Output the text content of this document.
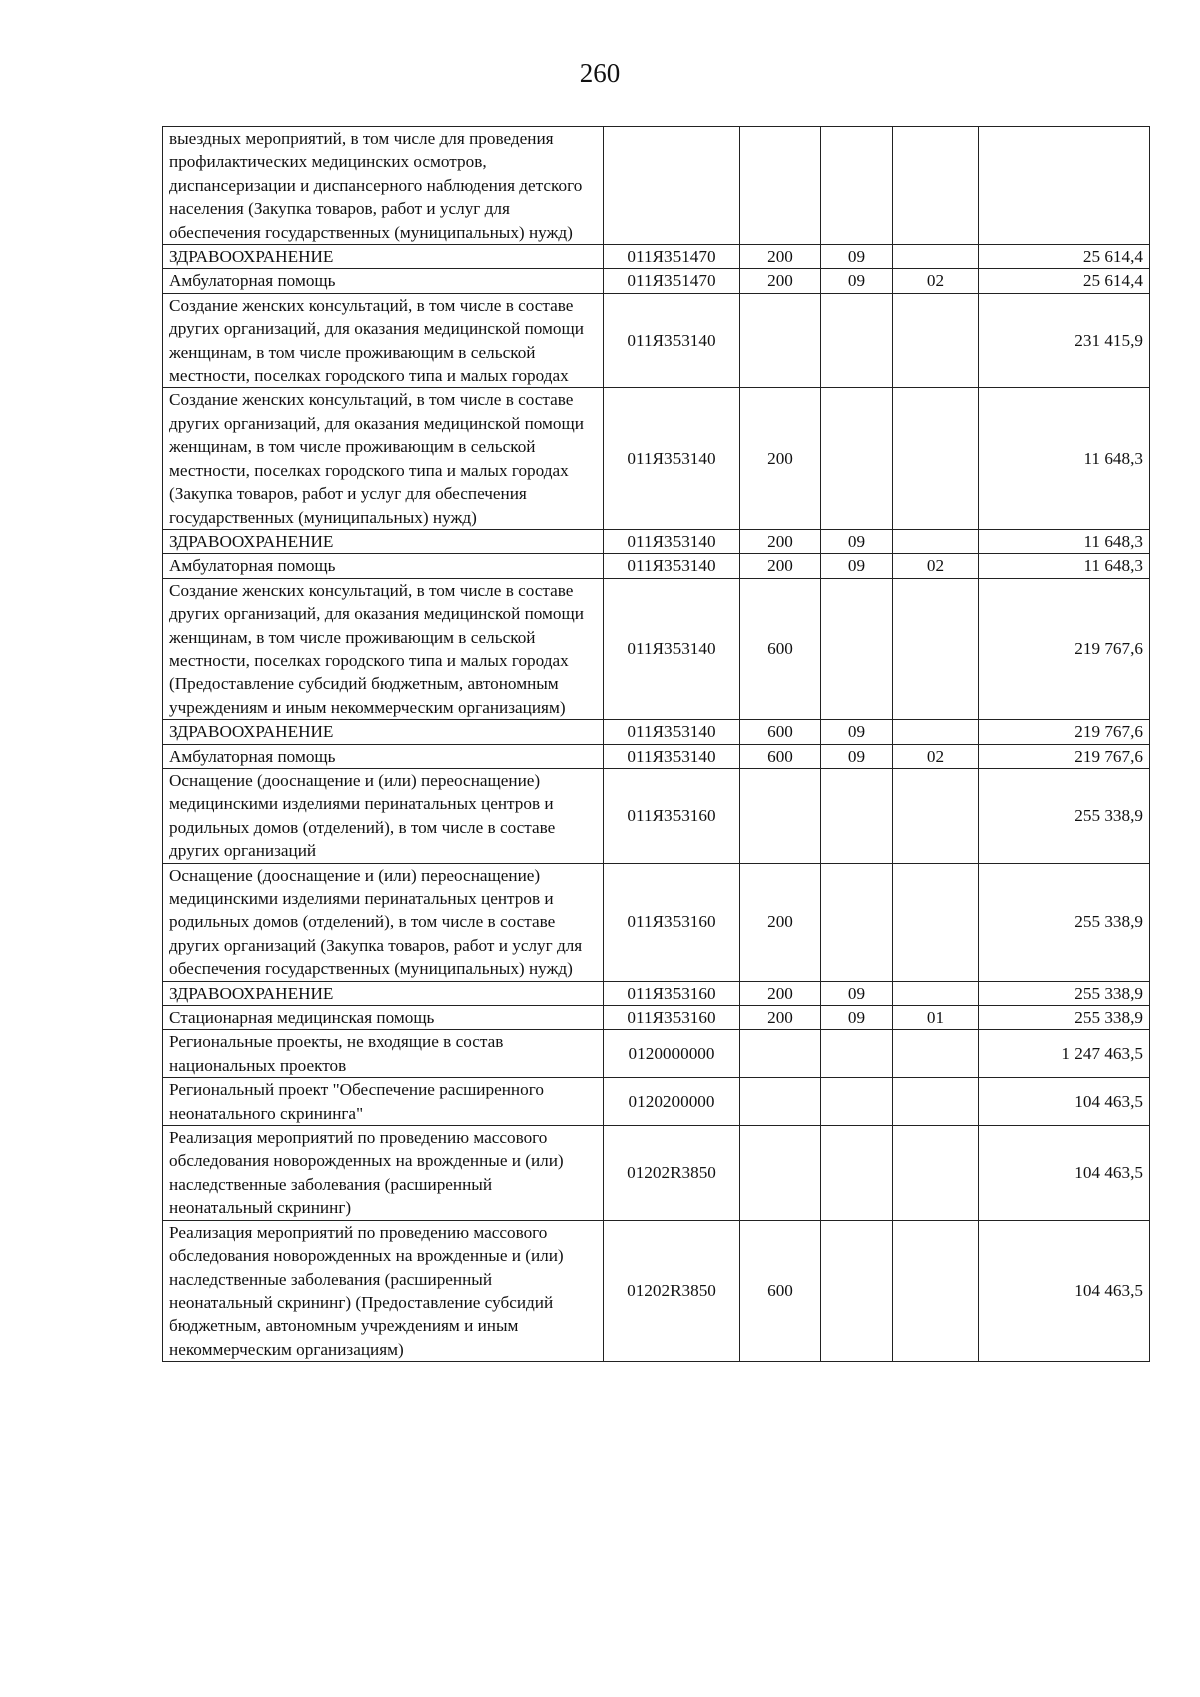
260
выездных мероприятий, в том числе для проведения профилактических медицинских осмотров, диспансеризации и диспансерного наблюдения детского населения (Закупка товаров, работ и услуг для обеспечения государственных (муниципальных) нужд)					
ЗДРАВООХРАНЕНИЕ	011Я351470	200	09		25 614,4
Амбулаторная помощь	011Я351470	200	09	02	25 614,4
Создание женских консультаций, в том числе в составе других организаций, для оказания медицинской помощи женщинам, в том числе проживающим в сельской местности, поселках городского типа и малых городах	011Я353140				231 415,9
Создание женских консультаций, в том числе в составе других организаций, для оказания медицинской помощи женщинам, в том числе проживающим в сельской местности, поселках городского типа и малых городах (Закупка товаров, работ и услуг для обеспечения государственных (муниципальных) нужд)	011Я353140	200			11 648,3
ЗДРАВООХРАНЕНИЕ	011Я353140	200	09		11 648,3
Амбулаторная помощь	011Я353140	200	09	02	11 648,3
Создание женских консультаций, в том числе в составе других организаций, для оказания медицинской помощи женщинам, в том числе проживающим в сельской местности, поселках городского типа и малых городах (Предоставление субсидий бюджетным, автономным учреждениям и иным некоммерческим организациям)	011Я353140	600			219 767,6
ЗДРАВООХРАНЕНИЕ	011Я353140	600	09		219 767,6
Амбулаторная помощь	011Я353140	600	09	02	219 767,6
Оснащение (дооснащение и (или) переоснащение) медицинскими изделиями перинатальных центров и родильных домов (отделений), в том числе в составе других организаций	011Я353160				255 338,9
Оснащение (дооснащение и (или) переоснащение) медицинскими изделиями перинатальных центров и родильных домов (отделений), в том числе в составе других организаций (Закупка товаров, работ и услуг для обеспечения государственных (муниципальных) нужд)	011Я353160	200			255 338,9
ЗДРАВООХРАНЕНИЕ	011Я353160	200	09		255 338,9
Стационарная медицинская помощь	011Я353160	200	09	01	255 338,9
Региональные проекты, не входящие в состав национальных проектов	0120000000				1 247 463,5
Региональный проект "Обеспечение расширенного неонатального скрининга"	0120200000				104 463,5
Реализация мероприятий по проведению массового обследования новорожденных на врожденные и (или) наследственные заболевания (расширенный неонатальный скрининг)	01202R3850				104 463,5
Реализация мероприятий по проведению массового обследования новорожденных на врожденные и (или) наследственные заболевания (расширенный неонатальный скрининг) (Предоставление субсидий бюджетным, автономным учреждениям и иным некоммерческим организациям)	01202R3850	600			104 463,5
